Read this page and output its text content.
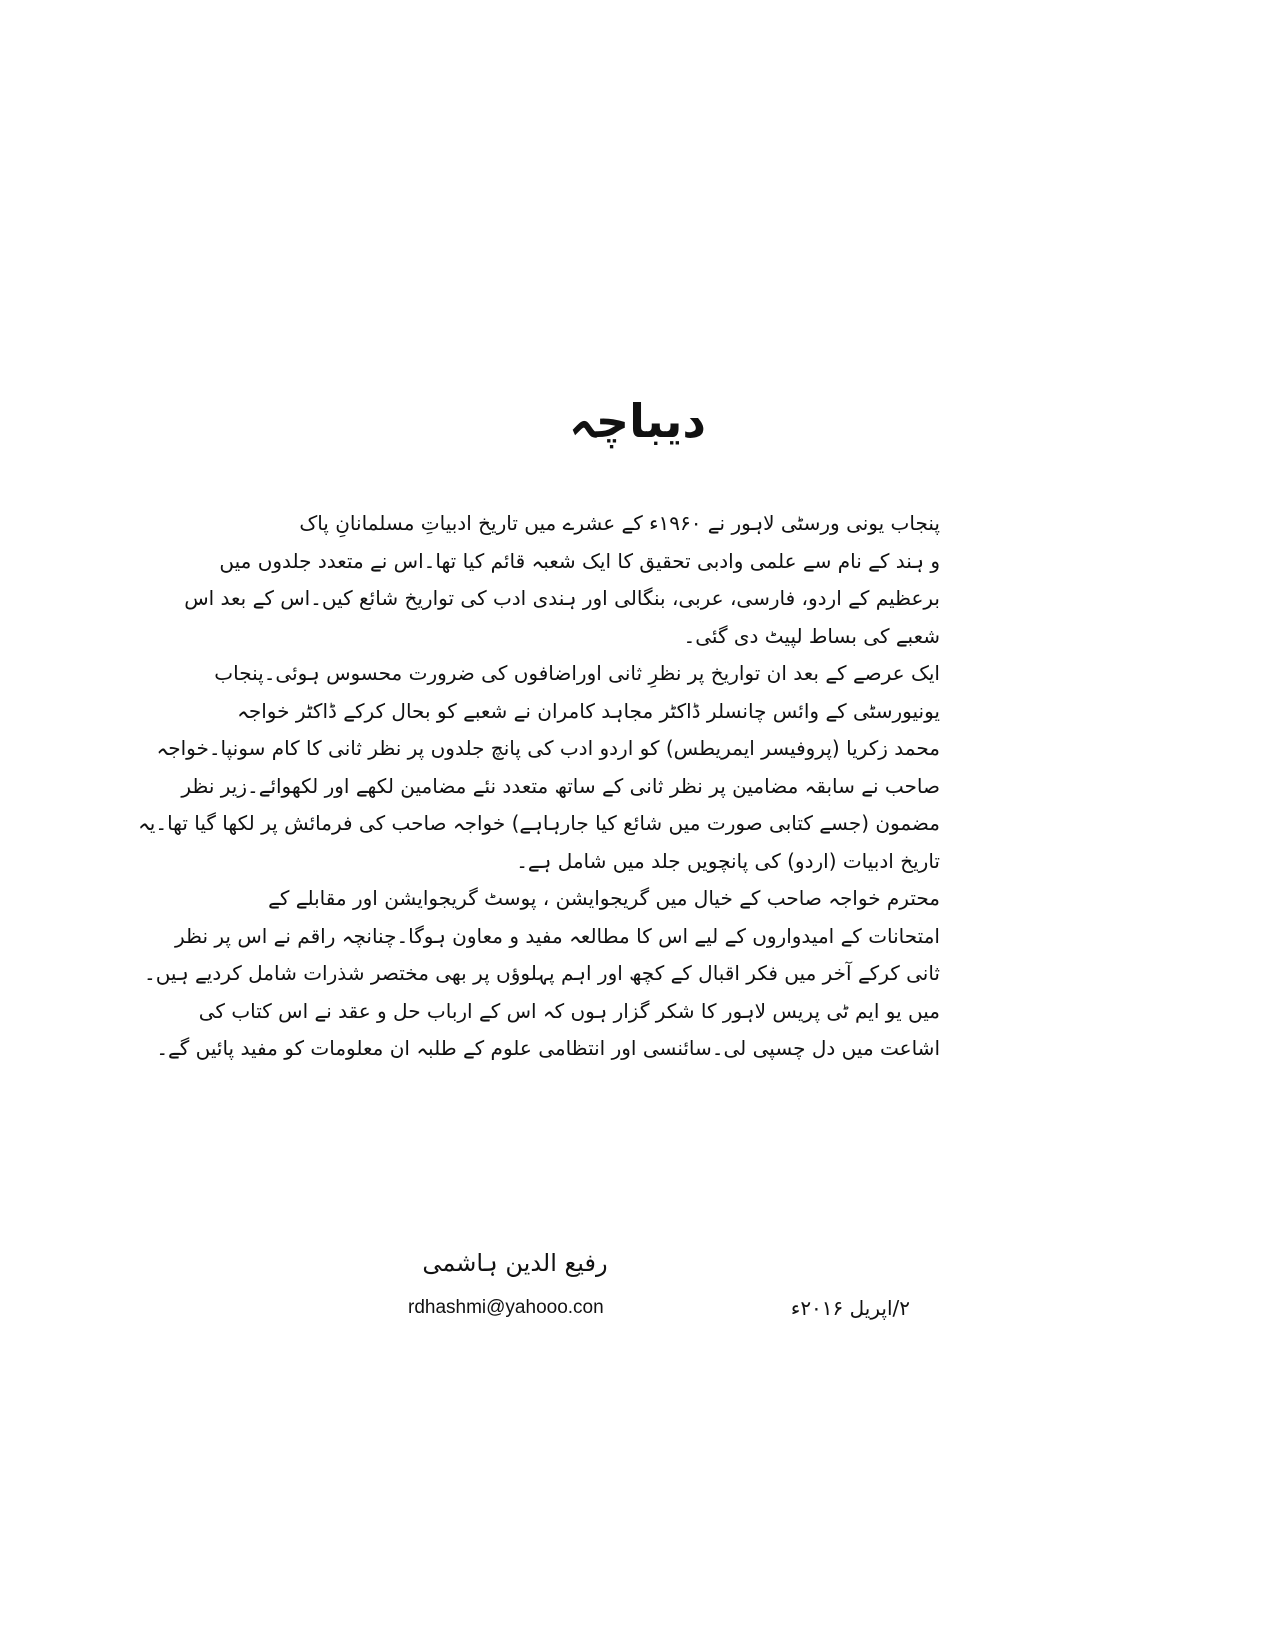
دیباچہ
پنجاب یونی ورسٹی لاہور نے ۱۹۶۰ء کے عشرے میں تاریخ ادبیاتِ مسلمانانِ پاک
و ہند کے نام سے علمی وادبی تحقیق کا ایک شعبہ قائم کیا تھا۔اس نے متعدد جلدوں میں
برعظیم کے اردو، فارسی، عربی، بنگالی اور ہندی ادب کی تواریخ شائع کیں۔اس کے بعد اس
شعبے کی بساط لپیٹ دی گئی۔
ایک عرصے کے بعد ان تواریخ پر نظرِ ثانی اوراضافوں کی ضرورت محسوس ہوئی۔پنجاب
یونیورسٹی کے وائس چانسلر ڈاکٹر مجاہد کامران نے شعبے کو بحال کرکے ڈاکٹر خواجہ
محمد زکریا (پروفیسر ایمریطس) کو اردو ادب کی پانچ جلدوں پر نظر ثانی کا کام سونپا۔خواجہ
صاحب نے سابقہ مضامین پر نظر ثانی کے ساتھ متعدد نئے مضامین لکھے اور لکھوائے۔زیر نظر
مضمون (جسے کتابی صورت میں شائع کیا جارہاہے) خواجہ صاحب کی فرمائش پر لکھا گیا تھا۔یہ
تاریخ ادبیات (اردو) کی پانچویں جلد میں شامل ہے۔
محترم خواجہ صاحب کے خیال میں گریجوایشن ، پوسٹ گریجوایشن اور مقابلے کے
امتحانات کے امیدواروں کے لیے اس کا مطالعہ مفید و معاون ہوگا۔چنانچہ راقم نے اس پر نظر
ثانی کرکے آخر میں فکر اقبال کے کچھ اور اہم پہلوؤں پر بھی مختصر شذرات شامل کردیے ہیں۔
میں یو ایم ٹی پریس لاہور کا شکر گزار ہوں کہ اس کے ارباب حل و عقد نے اس کتاب کی
اشاعت میں دل چسپی لی۔سائنسی اور انتظامی علوم کے طلبہ ان معلومات کو مفید پائیں گے۔
رفیع الدین ہاشمی
rdhashmi@yahooo.con	۲/اپریل ۲۰۱۶ء
